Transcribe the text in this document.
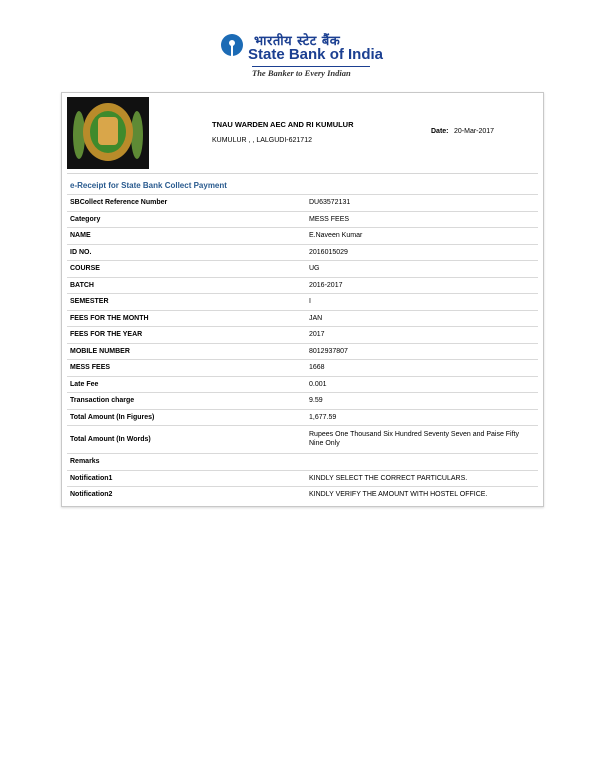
भारतीय स्टेट बैंक
State Bank of India
The Banker to Every Indian
TNAU WARDEN AEC AND RI KUMULUR
KUMULUR , , LALGUDI-621712
Date: 20-Mar-2017
e-Receipt for State Bank Collect Payment
SBCollect Reference Number	DU63572131
Category	MESS FEES
NAME	E.Naveen Kumar
ID NO.	2016015029
COURSE	UG
BATCH	2016-2017
SEMESTER	I
FEES FOR THE MONTH	JAN
FEES FOR THE YEAR	2017
MOBILE NUMBER	8012937807
MESS FEES	1668
Late Fee	0.001
Transaction charge	9.59
Total Amount (In Figures)	1,677.59
Total Amount (In Words)	Rupees One Thousand Six Hundred Seventy Seven and Paise Fifty Nine Only
Remarks	
Notification1	KINDLY SELECT THE CORRECT PARTICULARS.
Notification2	KINDLY VERIFY THE AMOUNT WITH HOSTEL OFFICE.
